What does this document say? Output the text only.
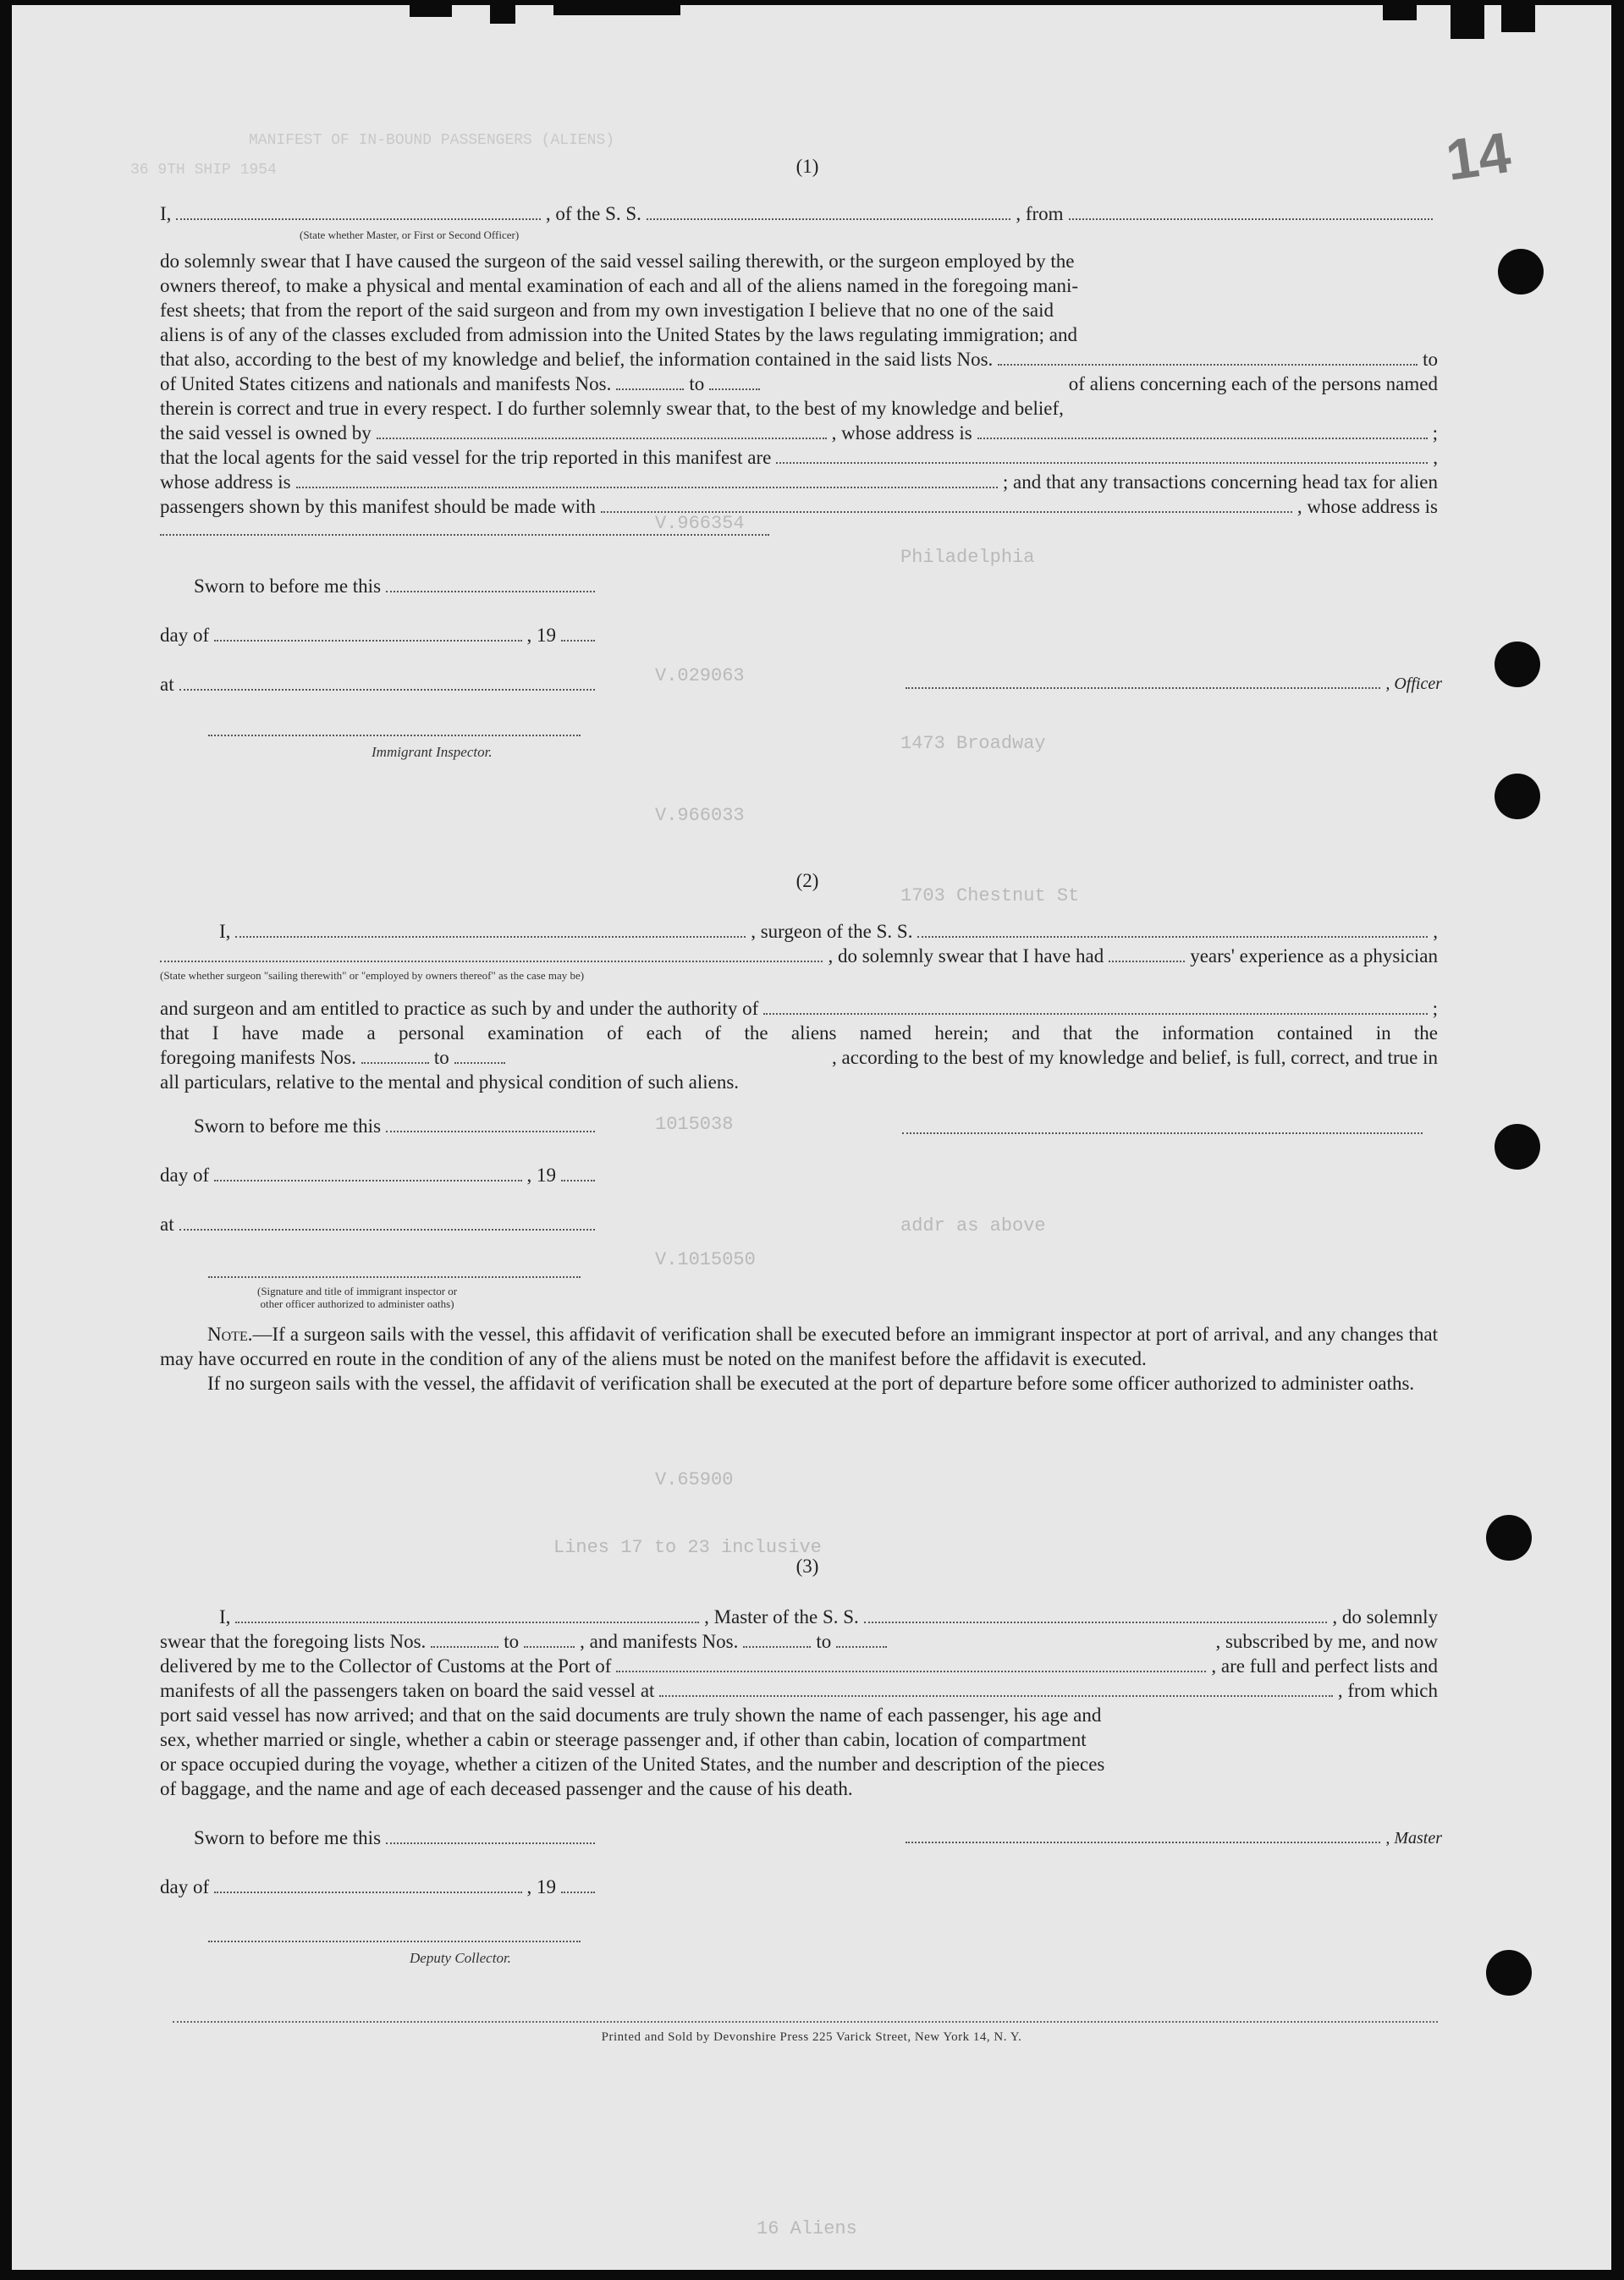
14
MANIFEST OF IN-BOUND PASSENGERS (ALIENS)
36 9TH SHIP 1954
V.966354
Philadelphia
V.029063
1473 Broadway
V.966033
1703 Chestnut St
1015038
addr as above
V.1015050
V.65900
Lines 17 to 23 inclusive
16 Aliens
(1)
I,	, of the S. S.	, from
(State whether Master, or First or Second Officer)

do solemnly swear that I have caused the surgeon of the said vessel sailing therewith, or the surgeon employed by the

owners thereof, to make a physical and mental examination of each and all of the aliens named in the foregoing mani-

fest sheets; that from the report of the said surgeon and from my own investigation I believe that no one of the said

aliens is of any of the classes excluded from admission into the United States by the laws regulating immigration; and

that also, according to the best of my knowledge and belief, the information contained in the said lists Nos.	to
of United States citizens and nationals and manifests Nos.	to	of aliens concerning each of the persons named

therein is correct and true in every respect. I do further solemnly swear that, to the best of my knowledge and belief,

the said vessel is owned by	, whose address is	;
that the local agents for the said vessel for the trip reported in this manifest are	,
whose address is	; and that any transactions concerning head tax for alien
passengers shown by this manifest should be made with	, whose address is
Sworn to before me this
day of	, 19
at
Immigrant Inspector.
, Officer
(2)
I,	, surgeon of the S. S.	,
, do solemnly swear that I have had	years' experience as a physician
(State whether surgeon "sailing therewith" or "employed by owners thereof" as the case may be)
and surgeon and am entitled to practice as such by and under the authority of	;
that I have made a personal examination of each of the aliens named herein; and that the information contained in the
foregoing manifests Nos.	to	, according to the best of my knowledge and belief, is full, correct, and true in
all particulars, relative to the mental and physical condition of such aliens.
Sworn to before me this
day of	, 19
at
(Signature and title of immigrant inspector or
other officer authorized to administer oaths)

Note.—If a surgeon sails with the vessel, this affidavit of verification shall be executed before an immigrant inspector at port of arrival, and any changes that may have occurred en route in the condition of any of the aliens must be noted on the manifest before the affidavit is executed.

If no surgeon sails with the vessel, the affidavit of verification shall be executed at the port of departure before some officer authorized to administer oaths.

(3)
I,	, Master of the S. S.	, do solemnly
swear that the foregoing lists Nos.	to	, and manifests Nos.	to	, subscribed by me, and now
delivered by me to the Collector of Customs at the Port of	, are full and perfect lists and
manifests of all the passengers taken on board the said vessel at	, from which

port said vessel has now arrived; and that on the said documents are truly shown the name of each passenger, his age and

sex, whether married or single, whether a cabin or steerage passenger and, if other than cabin, location of compartment

or space occupied during the voyage, whether a citizen of the United States, and the number and description of the pieces

of baggage, and the name and age of each deceased passenger and the cause of his death.

Sworn to before me this
day of	, 19
, Master
Deputy Collector.
Printed and Sold by Devonshire Press 225 Varick Street, New York 14, N. Y.
